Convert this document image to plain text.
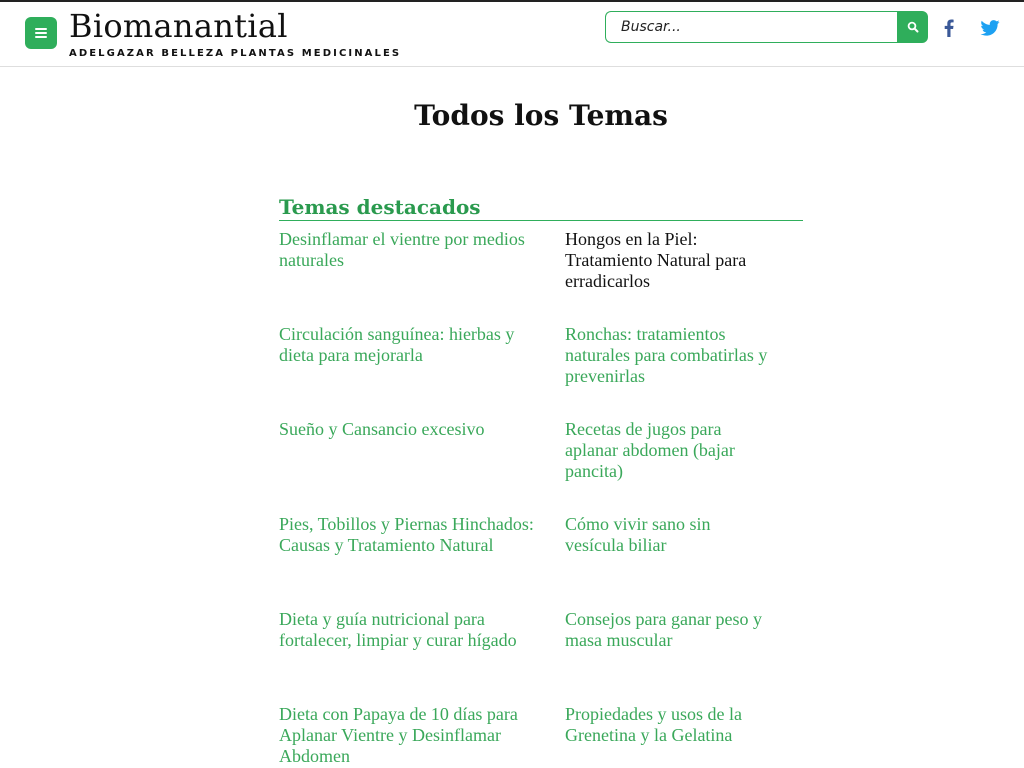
Biomanantial
ADELGAZAR BELLEZA PLANTAS MEDICINALES
Buscar...
Todos los Temas
Temas destacados
Desinflamar el vientre por medios naturales
Hongos en la Piel: Tratamiento Natural para erradicarlos
Circulación sanguínea: hierbas y dieta para mejorarla
Ronchas: tratamientos naturales para combatirlas y prevenirlas
Sueño y Cansancio excesivo	Recetas de jugos para aplanar abdomen (bajar pancita)
Pies, Tobillos y Piernas Hinchados: Causas y Tratamiento Natural
Cómo vivir sano sin vesícula biliar
Dieta y guía nutricional para fortalecer, limpiar y curar hígado
Consejos para ganar peso y masa muscular
Dieta con Papaya de 10 días para Aplanar Vientre y Desinflamar Abdomen
Propiedades y usos de la Grenetina y la Gelatina
